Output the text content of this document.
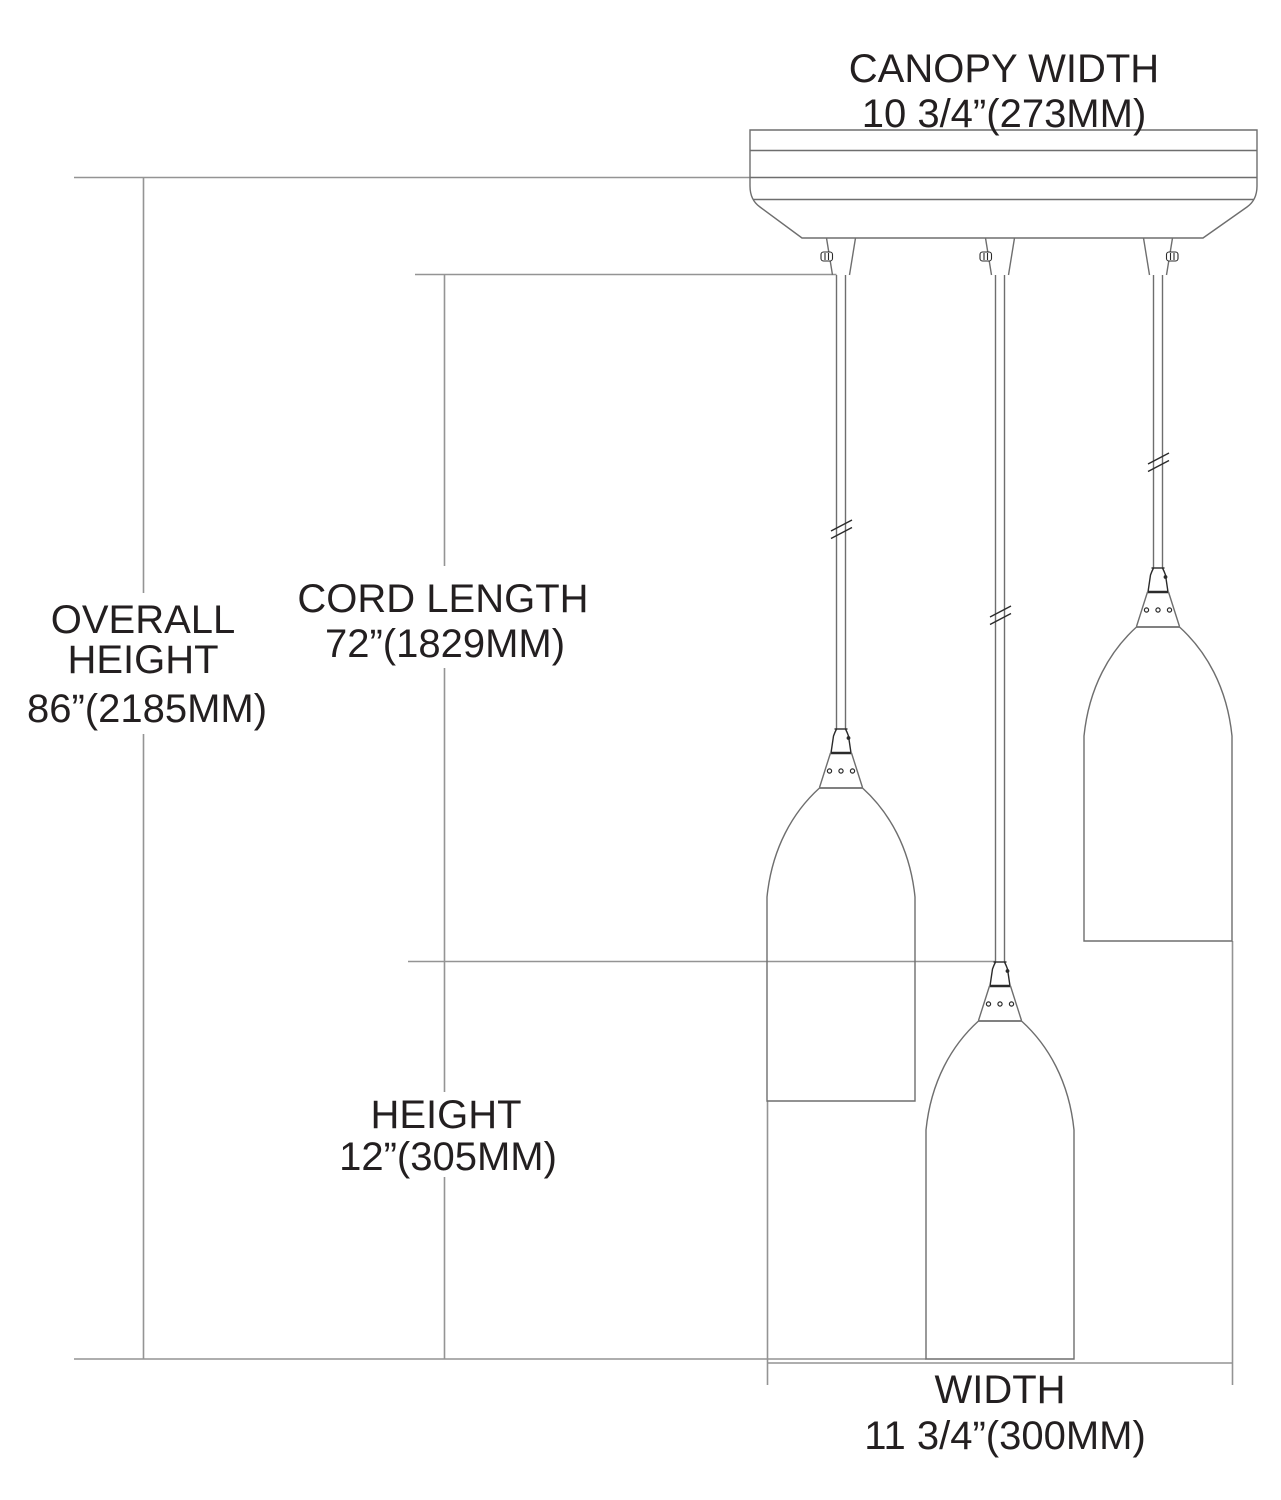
CANOPY WIDTH
10 3/4”(273MM)
OVERALL
HEIGHT
86”(2185MM)
CORD LENGTH
72”(1829MM)
HEIGHT
12”(305MM)
WIDTH
11 3/4”(300MM)
